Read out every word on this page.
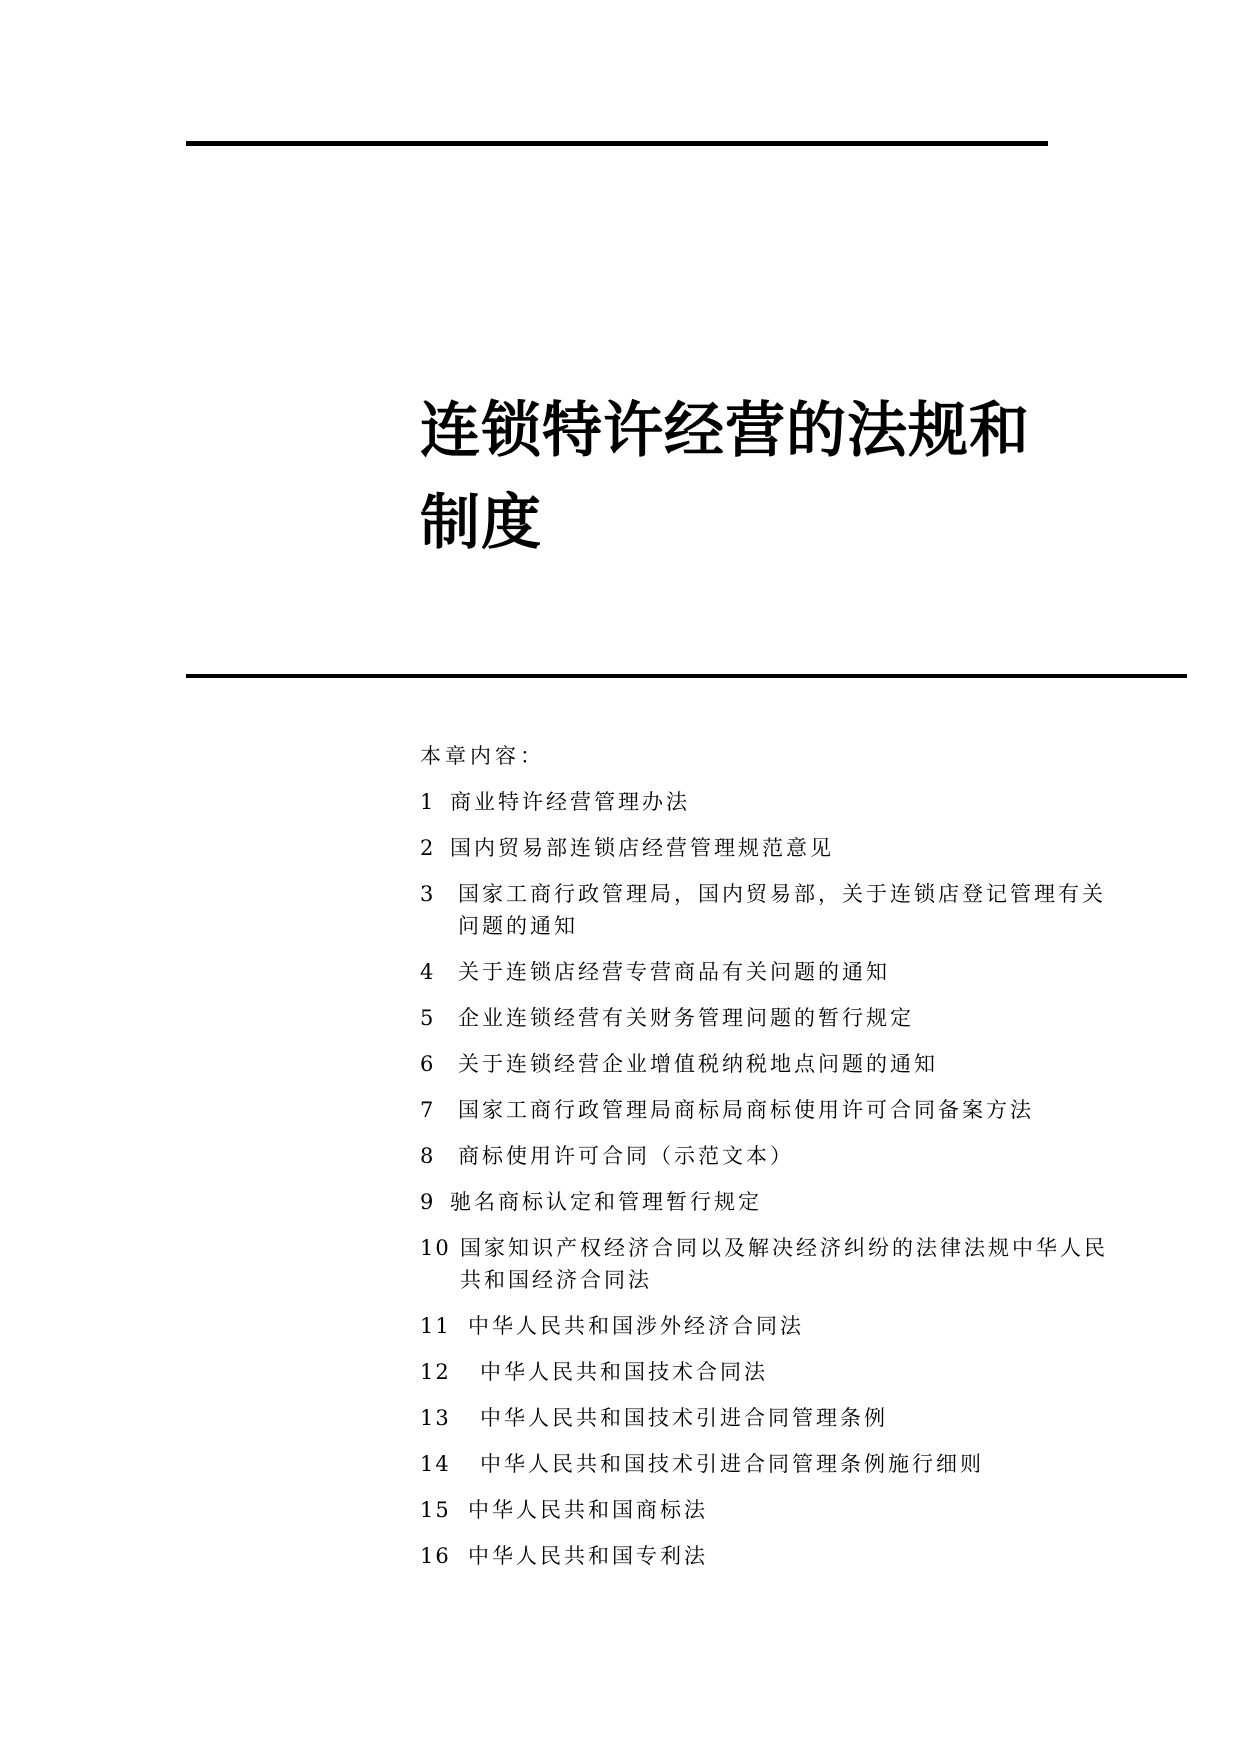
连锁特许经营的法规和制度
本章内容：
1 商业特许经营管理办法
2 国内贸易部连锁店经营管理规范意见
3	国家工商行政管理局，国内贸易部，关于连锁店登记管理有关问题的通知
4	关于连锁店经营专营商品有关问题的通知
5	企业连锁经营有关财务管理问题的暂行规定
6	关于连锁经营企业增值税纳税地点问题的通知
7	国家工商行政管理局商标局商标使用许可合同备案方法
8	商标使用许可合同（示范文本）
9 驰名商标认定和管理暂行规定
10 国家知识产权经济合同以及解决经济纠纷的法律法规中华人民共和国经济合同法
11 中华人民共和国涉外经济合同法
12	中华人民共和国技术合同法
13	中华人民共和国技术引进合同管理条例
14	中华人民共和国技术引进合同管理条例施行细则
15 中华人民共和国商标法
16 中华人民共和国专利法
